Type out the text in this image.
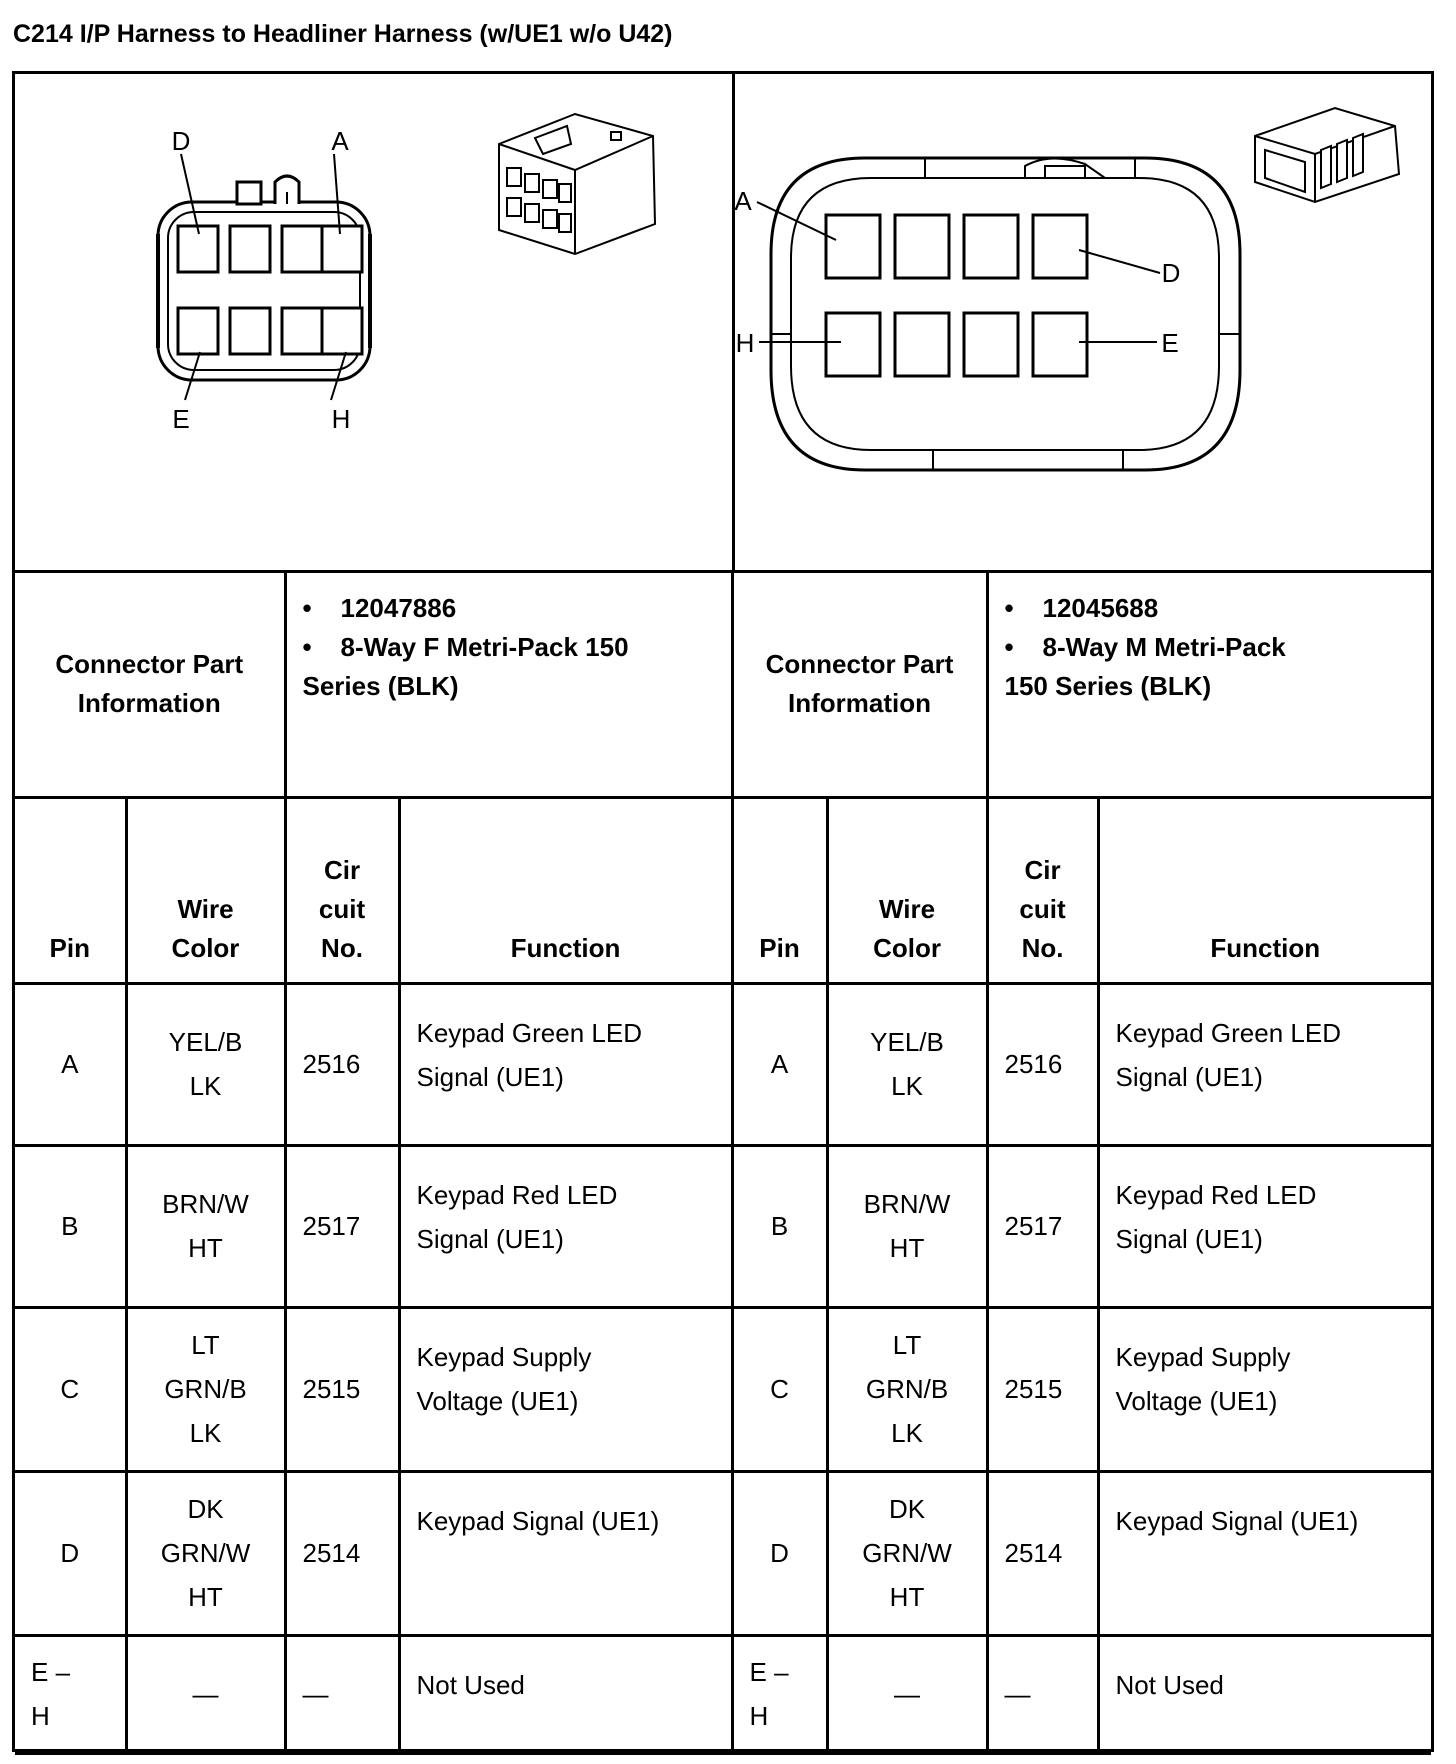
C214 I/P Harness to Headliner Harness (w/UE1 w/o U42)
D	A
E	H
A
D
H	E
Connector Part
Information		•    12047886
•    8-Way F Metri-Pack 150
Series (BLK)		Connector Part
Information		•    12045688
•    8-Way M Metri-Pack
150 Series (BLK)	

Pin	Wire
Color	Cir
cuit
No.	Function	Pin	Wire
Color	Cir
cuit
No.	Function

A	YEL/B
LK	2516	Keypad Green LED
Signal (UE1)	A	YEL/B
LK	2516	Keypad Green LED
Signal (UE1)

B	BRN/W
HT	2517	Keypad Red LED
Signal (UE1)	B	BRN/W
HT	2517	Keypad Red LED
Signal (UE1)

C	LT
GRN/B
LK	2515	Keypad Supply
Voltage (UE1)	C	LT
GRN/B
LK	2515	Keypad Supply
Voltage (UE1)

D	DK
GRN/W
HT	2514	Keypad Signal (UE1)	D	DK
GRN/W
HT	2514	Keypad Signal (UE1)

E –
H	—	—	Not Used	E –
H	—	—	Not Used
